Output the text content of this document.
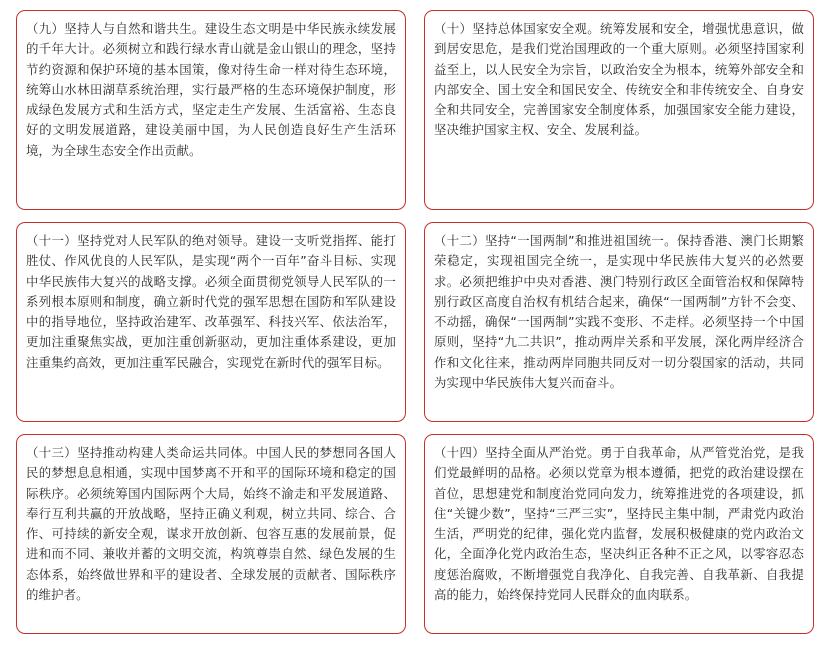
（九）坚持人与自然和谐共生。建设生态文明是中华民族永续发展的千年大计。必须树立和践行绿水青山就是金山银山的理念，坚持节约资源和保护环境的基本国策，像对待生命一样对待生态环境，统筹山水林田湖草系统治理，实行最严格的生态环境保护制度，形成绿色发展方式和生活方式，坚定走生产发展、生活富裕、生态良好的文明发展道路，建设美丽中国，为人民创造良好生产生活环境，为全球生态安全作出贡献。

（十）坚持总体国家安全观。统筹发展和安全，增强忧患意识，做到居安思危，是我们党治国理政的一个重大原则。必须坚持国家利益至上，以人民安全为宗旨，以政治安全为根本，统筹外部安全和内部安全、国土安全和国民安全、传统安全和非传统安全、自身安全和共同安全，完善国家安全制度体系，加强国家安全能力建设，坚决维护国家主权、安全、发展利益。

（十一）坚持党对人民军队的绝对领导。建设一支听党指挥、能打胜仗、作风优良的人民军队，是实现“两个一百年”奋斗目标、实现中华民族伟大复兴的战略支撑。必须全面贯彻党领导人民军队的一系列根本原则和制度，确立新时代党的强军思想在国防和军队建设中的指导地位，坚持政治建军、改革强军、科技兴军、依法治军，更加注重聚焦实战，更加注重创新驱动，更加注重体系建设，更加注重集约高效，更加注重军民融合，实现党在新时代的强军目标。

（十二）坚持“一国两制”和推进祖国统一。保持香港、澳门长期繁荣稳定，实现祖国完全统一，是实现中华民族伟大复兴的必然要求。必须把维护中央对香港、澳门特别行政区全面管治权和保障特别行政区高度自治权有机结合起来，确保“一国两制”方针不会变、不动摇，确保“一国两制”实践不变形、不走样。必须坚持一个中国原则，坚持“九二共识”，推动两岸关系和平发展，深化两岸经济合作和文化往来，推动两岸同胞共同反对一切分裂国家的活动，共同为实现中华民族伟大复兴而奋斗。

（十三）坚持推动构建人类命运共同体。中国人民的梦想同各国人民的梦想息息相通，实现中国梦离不开和平的国际环境和稳定的国际秩序。必须统筹国内国际两个大局，始终不渝走和平发展道路、奉行互利共赢的开放战略，坚持正确义利观，树立共同、综合、合作、可持续的新安全观，谋求开放创新、包容互惠的发展前景，促进和而不同、兼收并蓄的文明交流，构筑尊崇自然、绿色发展的生态体系，始终做世界和平的建设者、全球发展的贡献者、国际秩序的维护者。

（十四）坚持全面从严治党。勇于自我革命，从严管党治党，是我们党最鲜明的品格。必须以党章为根本遵循，把党的政治建设摆在首位，思想建党和制度治党同向发力，统筹推进党的各项建设，抓住“关键少数”，坚持“三严三实”，坚持民主集中制，严肃党内政治生活，严明党的纪律，强化党内监督，发展积极健康的党内政治文化，全面净化党内政治生态，坚决纠正各种不正之风，以零容忍态度惩治腐败，不断增强党自我净化、自我完善、自我革新、自我提高的能力，始终保持党同人民群众的血肉联系。
